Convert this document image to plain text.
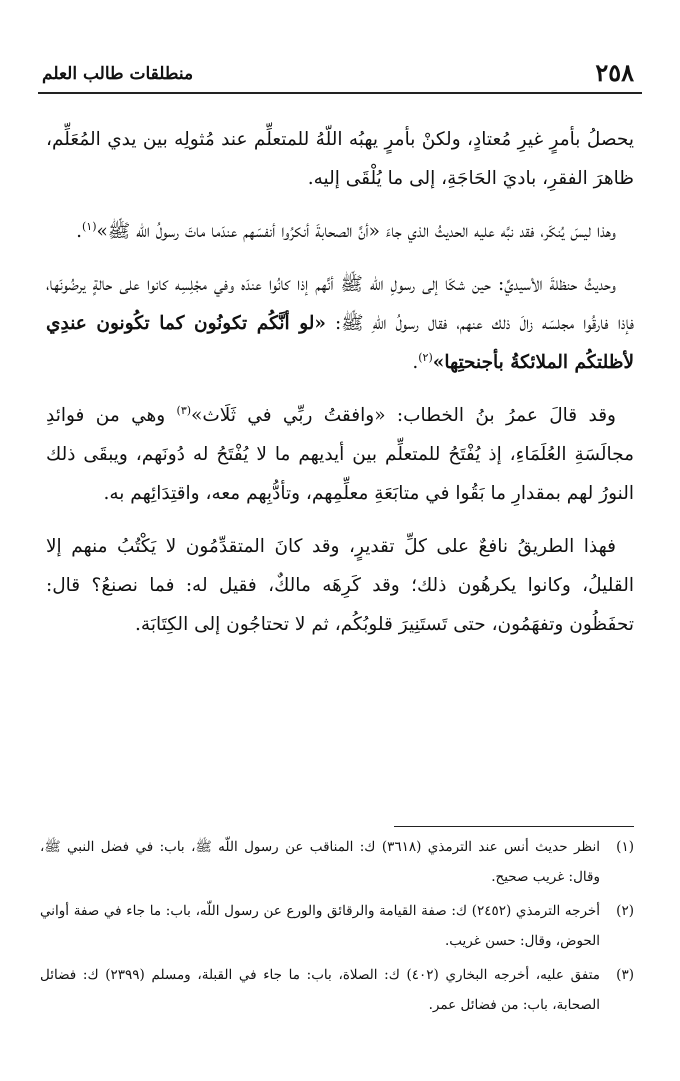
٢٥٨
منطلقات طالب العلم

يحصلُ بأمرٍ غيرِ مُعتادٍ، ولكنْ بأمرٍ يهبُه اللّهُ للمتعلِّم عند مُثولِه بين يدي المُعَلِّم، ظاهرَ الفقرِ، باديَ الحَاجَةِ، إلى ما يُلْقَى إليه.

وهذا ليسَ يُنكَر، فقد نبَّه عليه الحديثُ الذي جاءَ «أنَّ الصحابةَ أنكرُوا أنفسَهم عندَما ماتَ رسولُ اللّه ﷺ»$^{(١)}$.

وحديثُ حنظلةَ الأسيديِّ: حين شكَا إلى رسولِ اللّه ﷺ أنَّهم إذا كانُوا عندَه وفي مجْلِسِه كانوا على حالةٍ يرضُونَها، فإذا فارقُوا مجلسَه زالَ ذلك عنهم، فقال رسولُ اللّهِ ﷺ: «لو أنَّكُم تكونُون كما تكُونون عندِي لأظلتكُم الملائكةُ بأجنحتِها»$^{(٢)}$.

وقد قالَ عمرُ بنُ الخطاب: «وافقتُ ربِّي في ثَلَاث»$^{(٣)}$ وهي من فوائدِ مجالَسَةِ العُلَمَاءِ، إذ يُفْتَحُ للمتعلِّم بين أيديهم ما لا يُفْتَحُ له دُونَهم، ويبقَى ذلك النورُ لهم بمقدارِ ما بَقُوا في متابَعَةِ معلِّمِهم، وتأدُّبِهم معه، واقتِدَائِهم به.

فهذا الطريقُ نافعٌ على كلِّ تقديرٍ، وقد كانَ المتقدِّمُون لا يَكْتُبُ منهم إلا القليلُ، وكانوا يكرهُون ذلك؛ وقد كَرِهَه مالكٌ، فقيل له: فما نصنعُ؟ قال: تحفَظُون وتفهَمُون، حتى تَستَنِيرَ قلوبُكُم، ثم لا تحتاجُون إلى الكِتَابَة.

(١)
انظر حديث أنس عند الترمذي (٣٦١٨) ك: المناقب عن رسول اللّه ﷺ، باب: في فضل النبي ﷺ، وقال: غريب صحيح.
(٢)
أخرجه الترمذي (٢٤٥٢) ك: صفة القيامة والرقائق والورع عن رسول اللّه، باب: ما جاء في صفة أواني الحوض، وقال: حسن غريب.
(٣)
متفق عليه، أخرجه البخاري (٤٠٢) ك: الصلاة، باب: ما جاء في القبلة، ومسلم (٢٣٩٩) ك: فضائل الصحابة، باب: من فضائل عمر.
